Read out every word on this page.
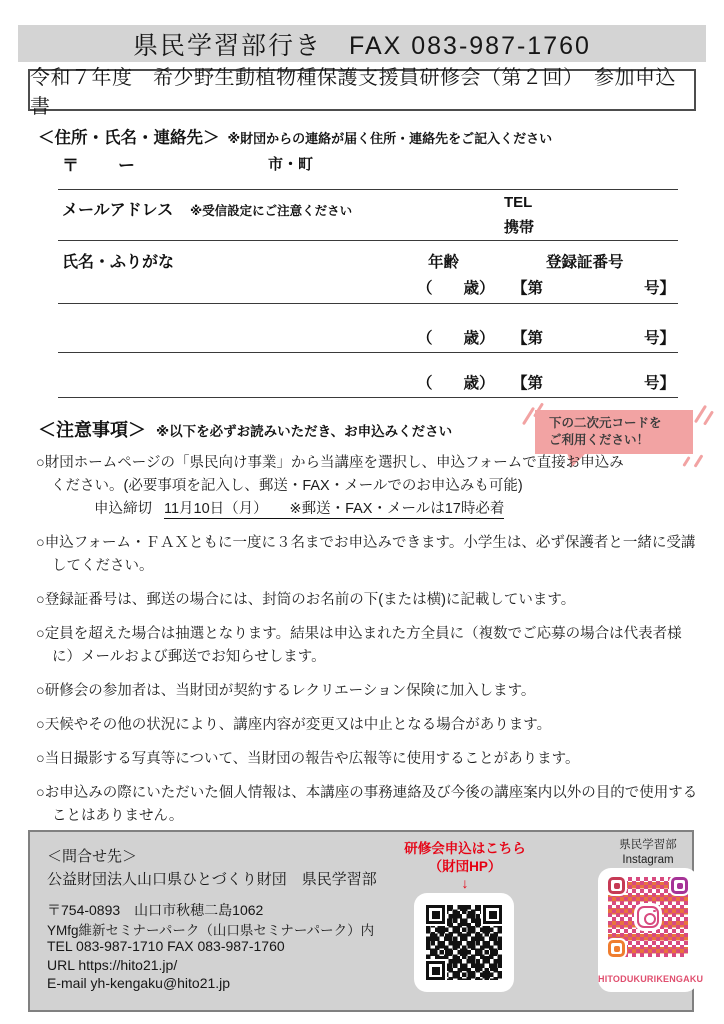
県民学習部行き　FAX 083-987-1760
令和７年度　希少野生動植物種保護支援員研修会（第２回）　参加申込書
＜住所・氏名・連絡先＞ ※財団からの連絡が届く住所・連絡先をご記入ください
〒 ー	市・町
メールアドレス ※受信設定にご注意ください	TEL
携帯
氏名・ふりがな	年齢	登録証番号
（　　歳） 【第	号】
（　　歳） 【第	号】
（　　歳） 【第	号】
＜注意事項＞ ※以下を必ずお読みいただき、お申込みください
下の二次元コードを
ご利用ください！
○財団ホームページの「県民向け事業」から当講座を選択し、申込フォームで直接お申込み
ください。(必要事項を記入し、郵送・FAX・メールでのお申込みも可能)
申込締切 11月10日（月）　　※郵送・FAX・メールは17時必着
○申込フォーム・ＦＡＸともに一度に３名までお申込みできます。小学生は、必ず保護者と一緒に受講してください。
○登録証番号は、郵送の場合には、封筒のお名前の下(または横)に記載しています。
○定員を超えた場合は抽選となります。結果は申込まれた方全員に（複数でご応募の場合は代表者様に）メールおよび郵送でお知らせします。
○研修会の参加者は、当財団が契約するレクリエーション保険に加入します。
○天候やその他の状況により、講座内容が変更又は中止となる場合があります。
○当日撮影する写真等について、当財団の報告や広報等に使用することがあります。
○お申込みの際にいただいた個人情報は、本講座の事務連絡及び今後の講座案内以外の目的で使用することはありません。
＜問合せ先＞
公益財団法人山口県ひとづくり財団　県民学習部
〒754-0893　山口市秋穂二島1062
YMfg維新セミナーパーク（山口県セミナーパーク）内
TEL 083-987-1710 FAX 083-987-1760
URL https://hito21.jp/
E-mail yh-kengaku@hito21.jp
研修会申込はこちら
（財団HP）
↓
県民学習部
Instagram
HITODUKURIKENGAKU
